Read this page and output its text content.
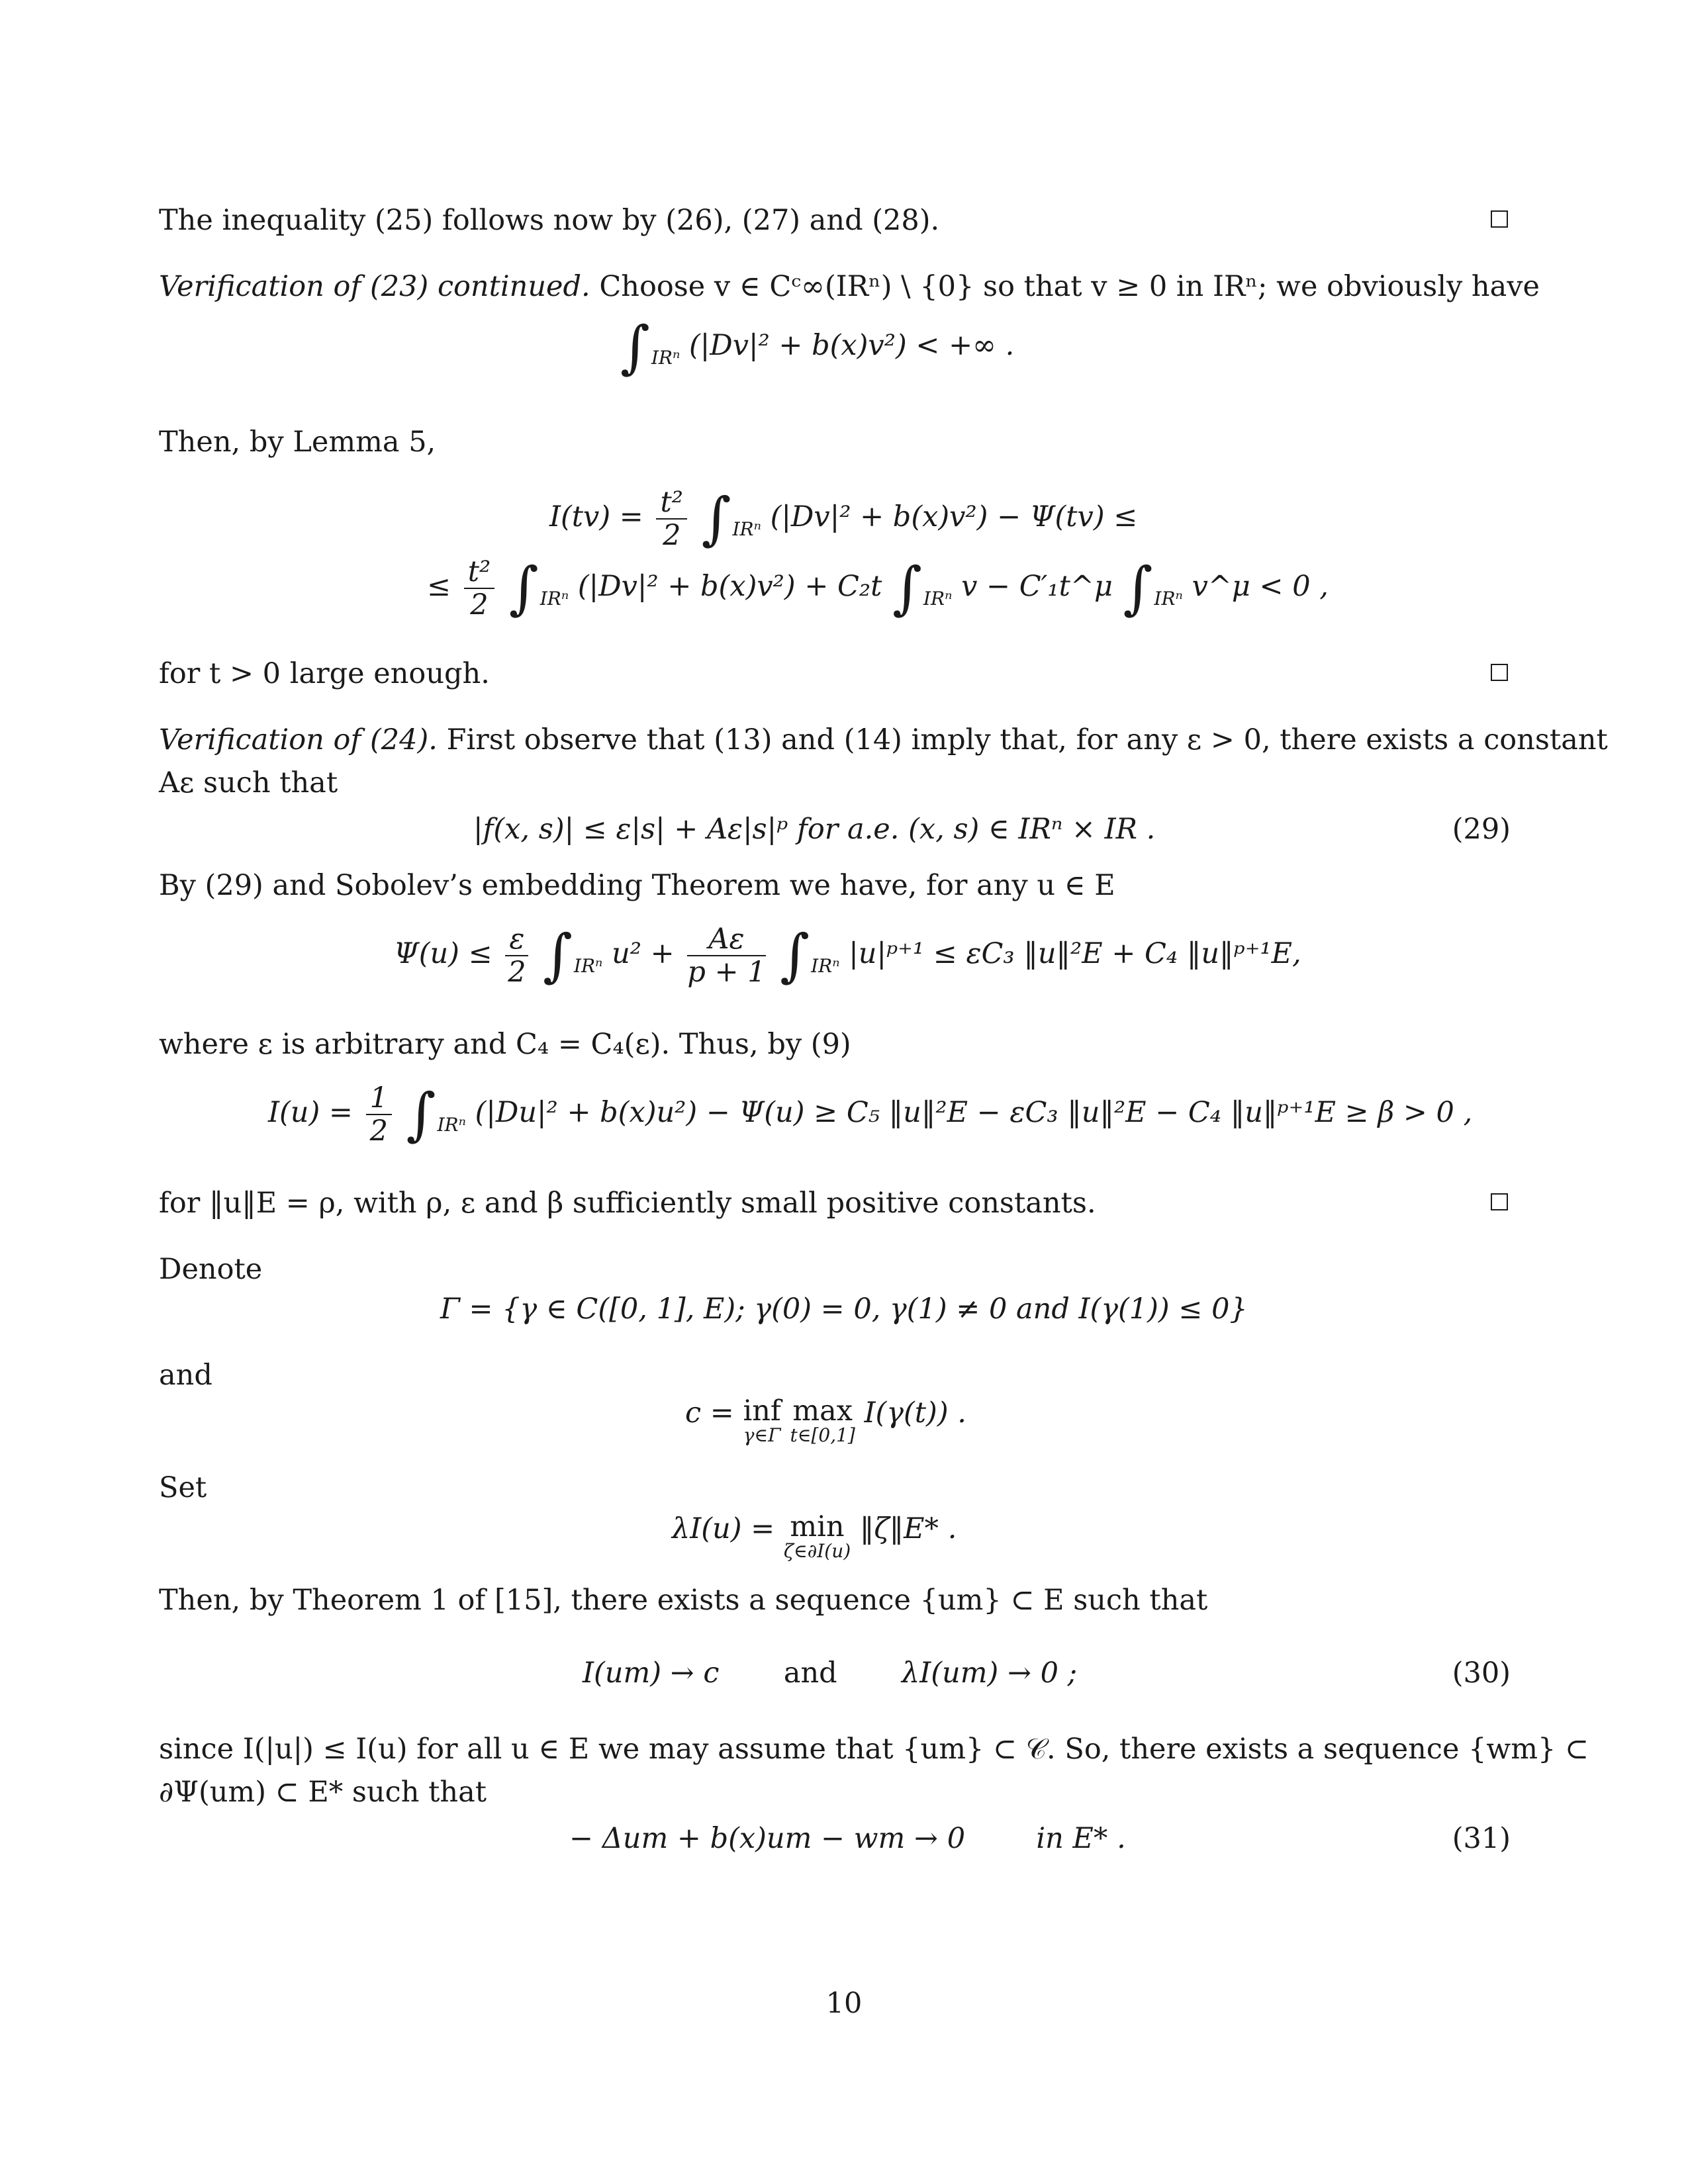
The inequality (25) follows now by (26), (27) and (28).
Verification of (23) continued. Choose v ∈ Cᶜ∞(IRⁿ) \ {0} so that v ≥ 0 in IRⁿ; we obviously have
$\int_{IR^n}$ (|Dv|² + b(x)v²) < +∞ .
Then, by Lemma 5,
$I(tv) = \frac{\text{t²}}{2} \int_{IR^n}$ (|Dv|² + b(x)v²) − Ψ(tv) ≤
≤ $\frac{\text{t²}}{2} \int_{IR^n}$ (|Dv|² + b(x)v²) + C₂t $\int_{IR^n}$ v − C′₁t^μ $\int_{IR^n}$ v^μ < 0 ,
for t > 0 large enough.
Verification of (24). First observe that (13) and (14) imply that, for any ε > 0, there exists a constant
Aε such that
|f(x, s)| ≤ ε|s| + Aε|s|ᵖ for a.e. (x, s) ∈ IRⁿ × IR .	(29)
By (29) and Sobolev’s embedding Theorem we have, for any u ∈ E
$\Psi(u) \le \frac{\varepsilon}{2} \int_{IR^n}$ $u^2 + \frac{A\varepsilon}{p + 1} \int_{IR^n}$ |u|ᵖ⁺¹ ≤ εC₃ ‖u‖²E + C₄ ‖u‖ᵖ⁺¹E,
where ε is arbitrary and C₄ = C₄(ε). Thus, by (9)
$I(u) = \frac{1}{2} \int_{IR^n}$ (|Du|² + b(x)u²) − Ψ(u) ≥ C₅ ‖u‖²E − εC₃ ‖u‖²E − C₄ ‖u‖ᵖ⁺¹E ≥ β > 0 ,
for ‖u‖E = ρ, with ρ, ε and β sufficiently small positive constants.
Denote
Γ = {γ ∈ C([0, 1], E); γ(0) = 0, γ(1) ≠ 0 and I(γ(1)) ≤ 0}
and
c = inf
γ∈Γ
max
t∈[0,1]
I(γ(t)) .
Set
λI(u) = min
ζ∈∂I(u)
‖ζ‖E* .
Then, by Theorem 1 of [15], there exists a sequence {um} ⊂ E such that
I(um) → c and λI(um) → 0 ;	(30)
since I(|u|) ≤ I(u) for all u ∈ E we may assume that {um} ⊂ 𝒞. So, there exists a sequence {wm} ⊂
∂Ψ(um) ⊂ E* such that
− Δum + b(x)um − wm → 0 in E* .	(31)
10
